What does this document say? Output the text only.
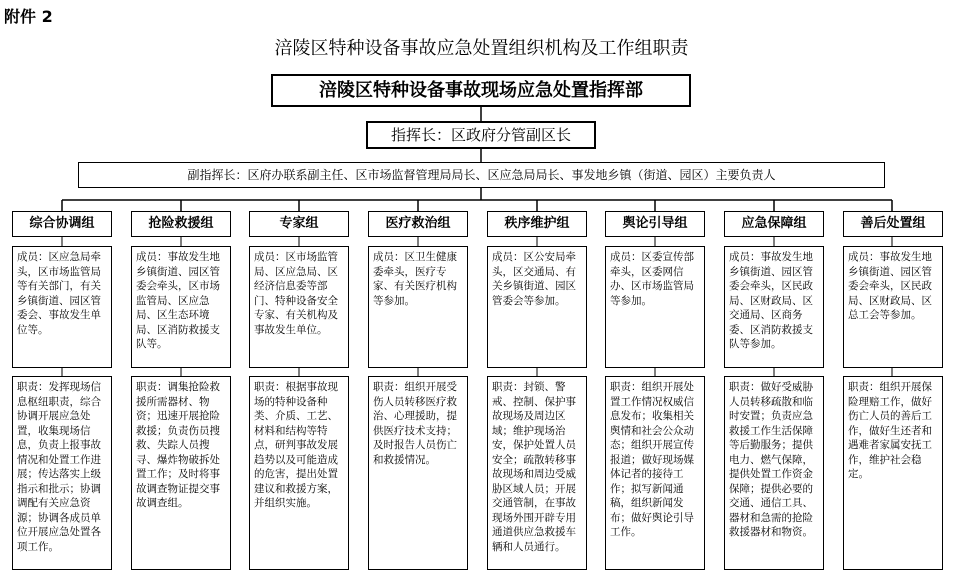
附件 2
涪陵区特种设备事故应急处置组织机构及工作组职责
涪陵区特种设备事故现场应急处置指挥部
指挥长：区政府分管副区长
副指挥长：区府办联系副主任、区市场监督管理局局长、区应急局局长、事发地乡镇（街道、园区）主要负责人
综合协调组
成员：区应急局牵头，区市场监管局等有关部门，有关乡镇街道、园区管委会、事故发生单位等。
职责：发挥现场信息枢纽职责，综合协调开展应急处置，收集现场信息，负责上报事故情况和处置工作进展；传达落实上级指示和批示；协调调配有关应急资源；协调各成员单位开展应急处置各项工作。
抢险救援组
成员：事故发生地乡镇街道、园区管委会牵头，区市场监管局、区应急局、区生态环境局、区消防救援支队等。
职责：调集抢险救援所需器材、物资；迅速开展抢险救援；负责伤员搜救、失踪人员搜寻、爆炸物破拆处置工作；及时将事故调查物证提交事故调查组。
专家组
成员：区市场监管局、区应急局、区经济信息委等部门、特种设备安全专家、有关机构及事故发生单位。
职责：根据事故现场的特种设备种类、介质、工艺、材料和结构等特点，研判事故发展趋势以及可能造成的危害，提出处置建议和救援方案，并组织实施。
医疗救治组
成员：区卫生健康委牵头，医疗专家、有关医疗机构等参加。
职责：组织开展受伤人员转移医疗救治、心理援助，提供医疗技术支持；及时报告人员伤亡和救援情况。
秩序维护组
成员：区公安局牵头，区交通局、有关乡镇街道、园区管委会等参加。
职责：封锁、警戒、控制、保护事故现场及周边区域；维护现场治安，保护处置人员安全；疏散转移事故现场和周边受威胁区域人员；开展交通管制，在事故现场外围开辟专用通道供应急救援车辆和人员通行。
舆论引导组
成员：区委宣传部牵头，区委网信办、区市场监管局等参加。
职责：组织开展处置工作情况权威信息发布；收集相关舆情和社会公众动态；组织开展宣传报道；做好现场媒体记者的接待工作；拟写新闻通稿，组织新闻发布；做好舆论引导工作。
应急保障组
成员：事故发生地乡镇街道、园区管委会牵头，区民政局、区财政局、区交通局、区商务委、区消防救援支队等参加。
职责：做好受威胁人员转移疏散和临时安置；负责应急救援工作生活保障等后勤服务；提供电力、燃气保障，提供处置工作资金保障；提供必要的交通、通信工具、器材和急需的抢险救援器材和物资。
善后处置组
成员：事故发生地乡镇街道、园区管委会牵头，区民政局、区财政局、区总工会等参加。
职责：组织开展保险理赔工作，做好伤亡人员的善后工作，做好生还者和遇难者家属安抚工作，维护社会稳定。
